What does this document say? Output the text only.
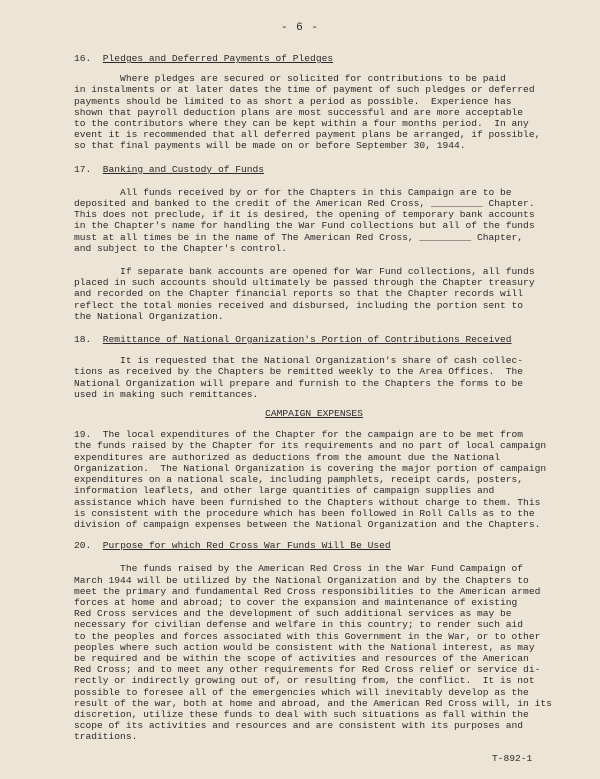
- 6 -
16. Pledges and Deferred Payments of Pledges
Where pledges are secured or solicited for contributions to be paid
in instalments or at later dates the time of payment of such pledges or deferred
payments should be limited to as short a period as possible.  Experience has
shown that payroll deduction plans are most successful and are more acceptable
to the contributors where they can be kept within a four months period.  In any
event it is recommended that all deferred payment plans be arranged, if possible,
so that final payments will be made on or before September 30, 1944.
17. Banking and Custody of Funds
All funds received by or for the Chapters in this Campaign are to be
deposited and banked to the credit of the American Red Cross, _________ Chapter.
This does not preclude, if it is desired, the opening of temporary bank accounts
in the Chapter's name for handling the War Fund collections but all of the funds
must at all times be in the name of The American Red Cross, _________ Chapter,
and subject to the Chapter's control.
If separate bank accounts are opened for War Fund collections, all funds
placed in such accounts should ultimately be passed through the Chapter treasury
and recorded on the Chapter financial reports so that the Chapter records will
reflect the total monies received and disbursed, including the portion sent to
the National Organization.
18. Remittance of National Organization's Portion of Contributions Received
It is requested that the National Organization's share of cash collec-
tions as received by the Chapters be remitted weekly to the Area Offices.  The
National Organization will prepare and furnish to the Chapters the forms to be
used in making such remittances.
CAMPAIGN EXPENSES
19.  The local expenditures of the Chapter for the campaign are to be met from
the funds raised by the Chapter for its requirements and no part of local campaign
expenditures are authorized as deductions from the amount due the National
Organization.  The National Organization is covering the major portion of campaign
expenditures on a national scale, including pamphlets, receipt cards, posters,
information leaflets, and other large quantities of campaign supplies and
assistance which have been furnished to the Chapters without charge to them. This
is consistent with the procedure which has been followed in Roll Calls as to the
division of campaign expenses between the National Organization and the Chapters.
20. Purpose for which Red Cross War Funds Will Be Used
The funds raised by the American Red Cross in the War Fund Campaign of
March 1944 will be utilized by the National Organization and by the Chapters to
meet the primary and fundamental Red Cross responsibilities to the American armed
forces at home and abroad; to cover the expansion and maintenance of existing
Red Cross services and the development of such additional services as may be
necessary for civilian defense and welfare in this country; to render such aid
to the peoples and forces associated with this Government in the War, or to other
peoples where such action would be consistent with the National interest, as may
be required and be within the scope of activities and resources of the American
Red Cross; and to meet any other requirements for Red Cross relief or service di-
rectly or indirectly growing out of, or resulting from, the conflict.  It is not
possible to foresee all of the emergencies which will inevitably develop as the
result of the war, both at home and abroad, and the American Red Cross will, in its
discretion, utilize these funds to deal with such situations as fall within the
scope of its activities and resources and are consistent with its purposes and
traditions.
T-892-1
